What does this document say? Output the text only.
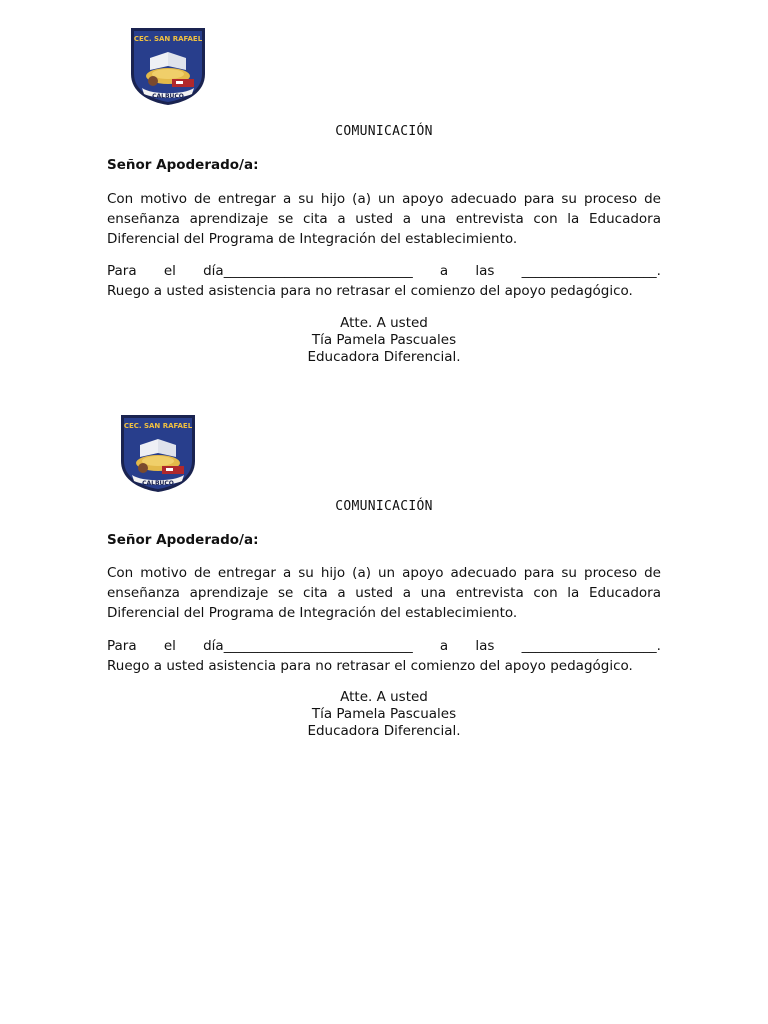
CEC. SAN RAFAEL
CALBUCO
COMUNICACIÓN
Señor Apoderado/a:
Con motivo de entregar a su hijo (a) un apoyo adecuado para su proceso de enseñanza aprendizaje se cita a usted a una entrevista con la Educadora Diferencial del Programa de Integración del establecimiento.
Para el día____________________________ a las ____________________.
Ruego a usted asistencia para no retrasar el comienzo del apoyo pedagógico.
Atte. A usted
Tía Pamela Pascuales
Educadora Diferencial.
CEC. SAN RAFAEL
CALBUCO
COMUNICACIÓN
Señor Apoderado/a:
Con motivo de entregar a su hijo (a) un apoyo adecuado para su proceso de enseñanza aprendizaje se cita a usted a una entrevista con la Educadora Diferencial del Programa de Integración del establecimiento.
Para el día____________________________ a las ____________________.
Ruego a usted asistencia para no retrasar el comienzo del apoyo pedagógico.
Atte. A usted
Tía Pamela Pascuales
Educadora Diferencial.
